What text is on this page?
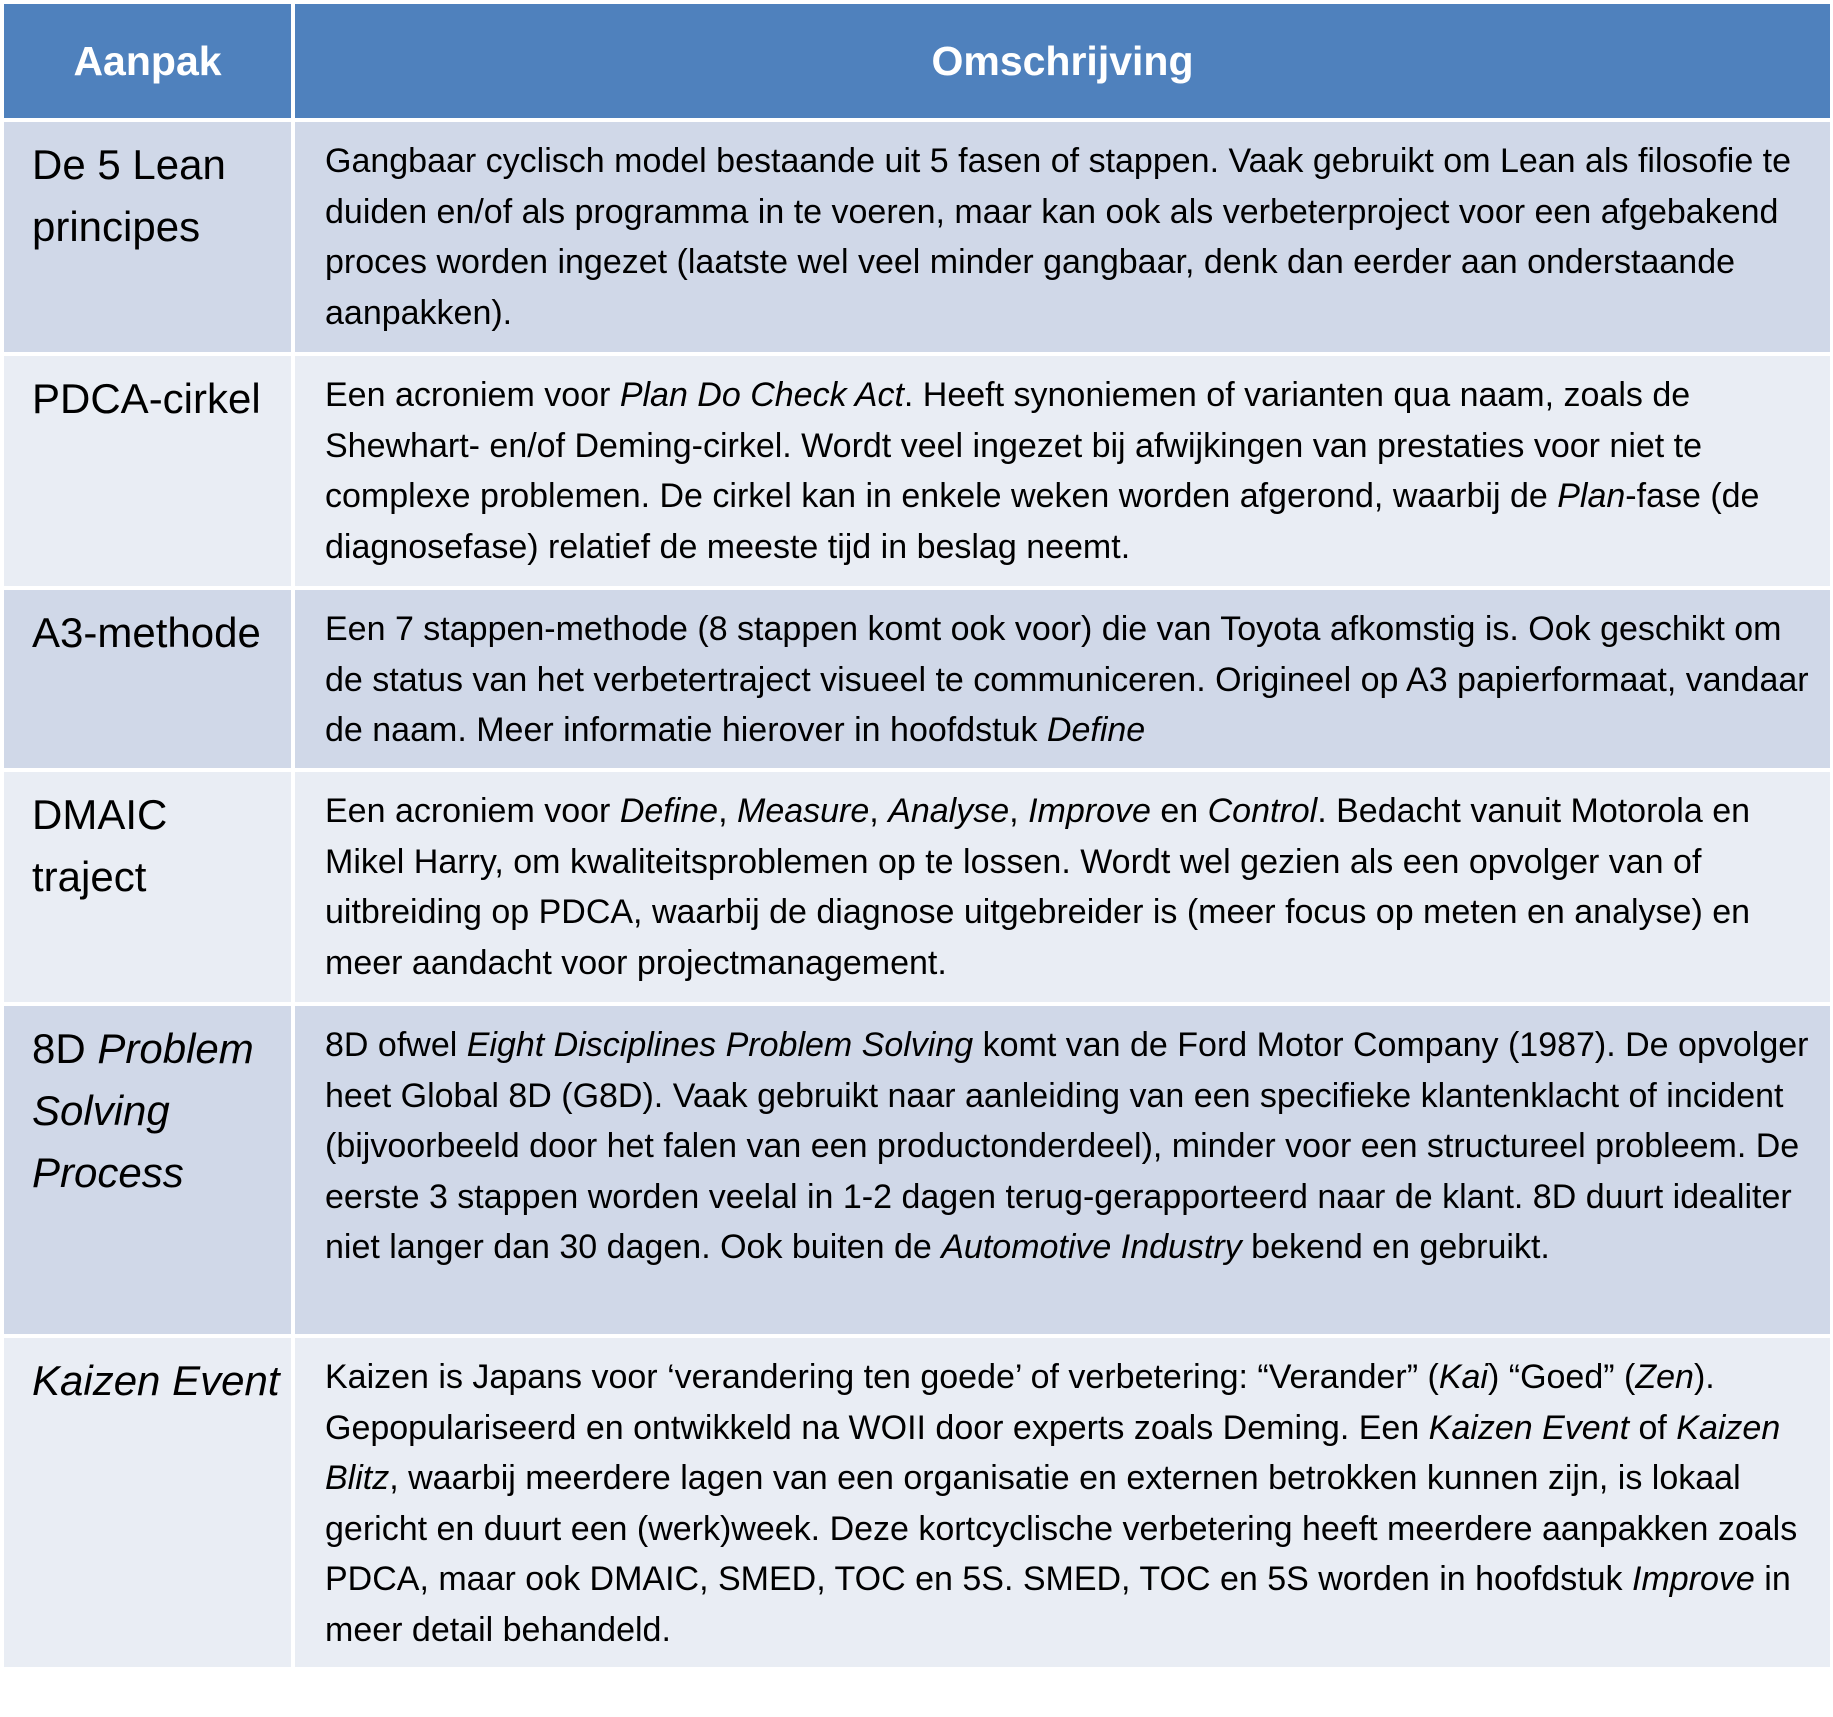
Aanpak	Omschrijving

De 5 Lean principes	Gangbaar cyclisch model bestaande uit 5 fasen of stappen. Vaak gebruikt om Lean als filosofie te duiden en/of als programma in te voeren, maar kan ook als verbeterproject voor een afgebakend proces worden ingezet (laatste wel veel minder gangbaar, denk dan eerder aan onderstaande aanpakken).

PDCA-cirkel	Een acroniem voor Plan Do Check Act. Heeft synoniemen of varianten qua naam, zoals de Shewhart- en/of Deming-cirkel. Wordt veel ingezet bij afwijkingen van prestaties voor niet te complexe problemen. De cirkel kan in enkele weken worden afgerond, waarbij de Plan-fase (de diagnosefase) relatief de meeste tijd in beslag neemt.

A3-methode	Een 7 stappen-methode (8 stappen komt ook voor) die van Toyota afkomstig is. Ook geschikt om de status van het verbetertraject visueel te communiceren. Origineel op A3 papierformaat, vandaar de naam. Meer informatie hierover in hoofdstuk Define

DMAIC traject	Een acroniem voor Define, Measure, Analyse, Improve en Control. Bedacht vanuit Motorola en Mikel Harry, om kwaliteitsproblemen op te lossen. Wordt wel gezien als een opvolger van of uitbreiding op PDCA, waarbij de diagnose uitgebreider is (meer focus op meten en analyse) en meer aandacht voor projectmanagement.

8D Problem Solving Process	8D ofwel Eight Disciplines Problem Solving komt van de Ford Motor Company (1987). De opvolger heet Global 8D (G8D). Vaak gebruikt naar aanleiding van een specifieke klantenklacht of incident (bijvoorbeeld door het falen van een productonderdeel), minder voor een structureel probleem. De eerste 3 stappen worden veelal in 1-2 dagen terug-gerapporteerd naar de klant. 8D duurt idealiter niet langer dan 30 dagen. Ook buiten de Automotive Industry bekend en gebruikt.

Kaizen Event	Kaizen is Japans voor ‘verandering ten goede’ of verbetering: “Verander” (Kai) “Goed” (Zen). Gepopulariseerd en ontwikkeld na WOII door experts zoals Deming. Een Kaizen Event of Kaizen Blitz, waarbij meerdere lagen van een organisatie en externen betrokken kunnen zijn, is lokaal gericht en duurt een (werk)week. Deze kortcyclische verbetering heeft meerdere aanpakken zoals PDCA, maar ook DMAIC, SMED, TOC en 5S. SMED, TOC en 5S worden in hoofdstuk Improve in meer detail behandeld.
